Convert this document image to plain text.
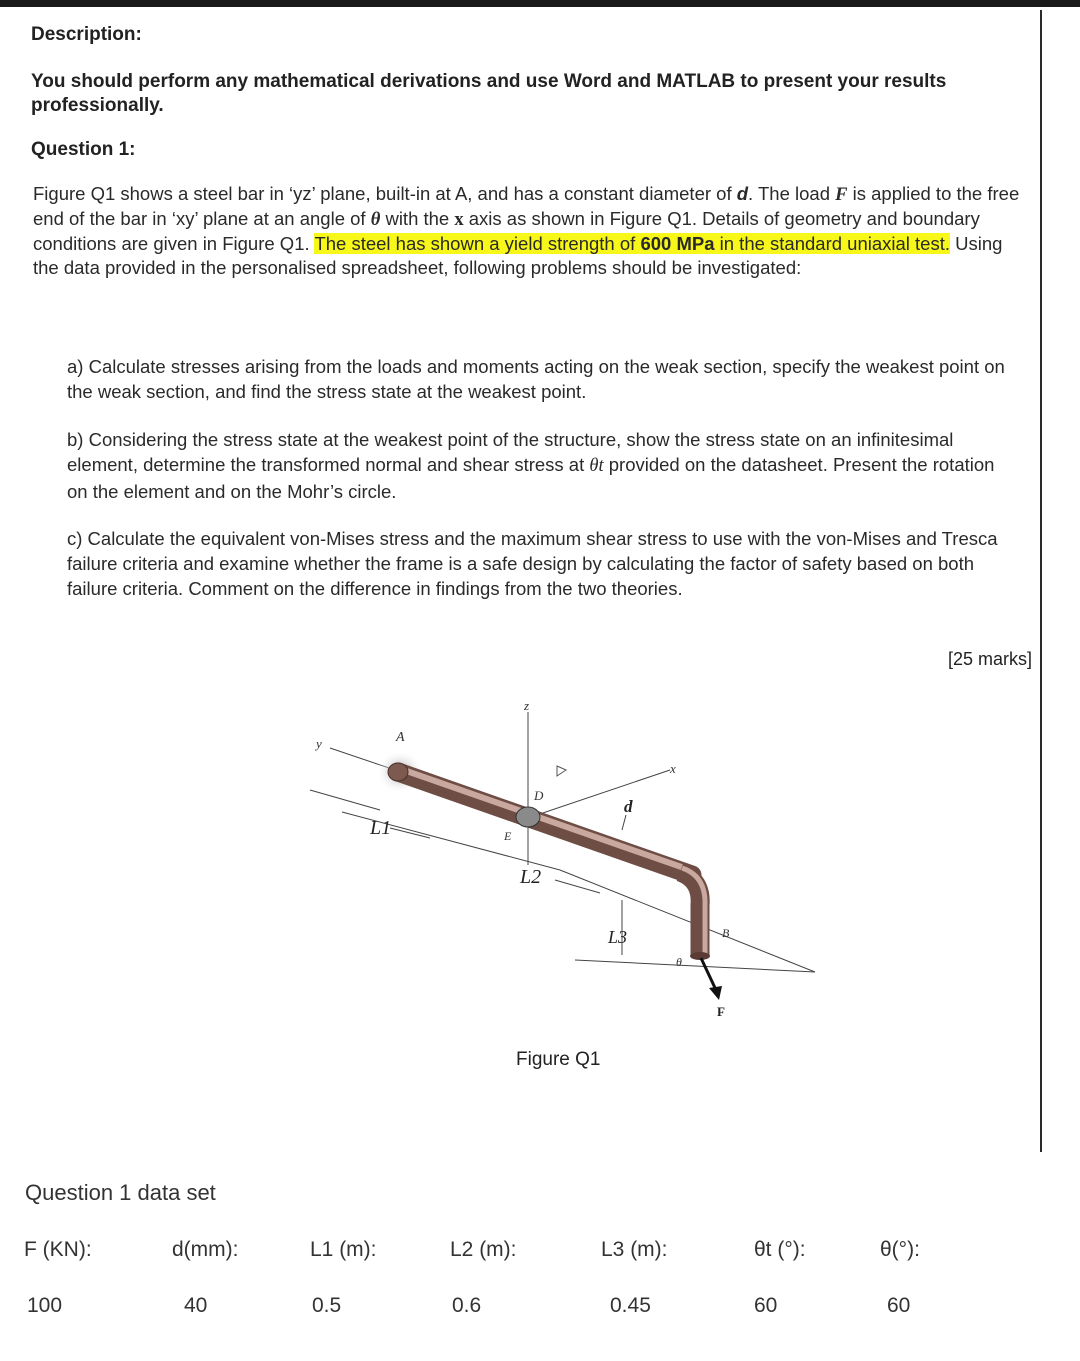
Description:
You should perform any mathematical derivations and use Word and MATLAB to present your results professionally.
Question 1:
Figure Q1 shows a steel bar in ‘yz’ plane, built-in at A, and has a constant diameter of d. The load F is applied to the free end of the bar in ‘xy’ plane at an angle of θ with the x axis as shown in Figure Q1. Details of geometry and boundary conditions are given in Figure Q1. The steel has shown a yield strength of 600 MPa in the standard uniaxial test. Using the data provided in the personalised spreadsheet, following problems should be investigated:
a) Calculate stresses arising from the loads and moments acting on the weak section, specify the weakest point on the weak section, and find the stress state at the weakest point.
b) Considering the stress state at the weakest point of the structure, show the stress state on an infinitesimal element, determine the transformed normal and shear stress at θt provided on the datasheet. Present the rotation on the element and on the Mohr’s circle.
c) Calculate the equivalent von-Mises stress and the maximum shear stress to use with the von-Mises and Tresca failure criteria and examine whether the frame is a safe design by calculating the factor of safety based on both failure criteria. Comment on the difference in findings from the two theories.
[25 marks]
A
y
z
x
D
E
d
L1
L2
L3	B
F
θ
Figure Q1
Question 1 data set
F (KN):	d(mm):	L1 (m):	L2 (m):	L3 (m):	θt (°):	θ(°):
100	40	0.5	0.6	0.45	60	60
